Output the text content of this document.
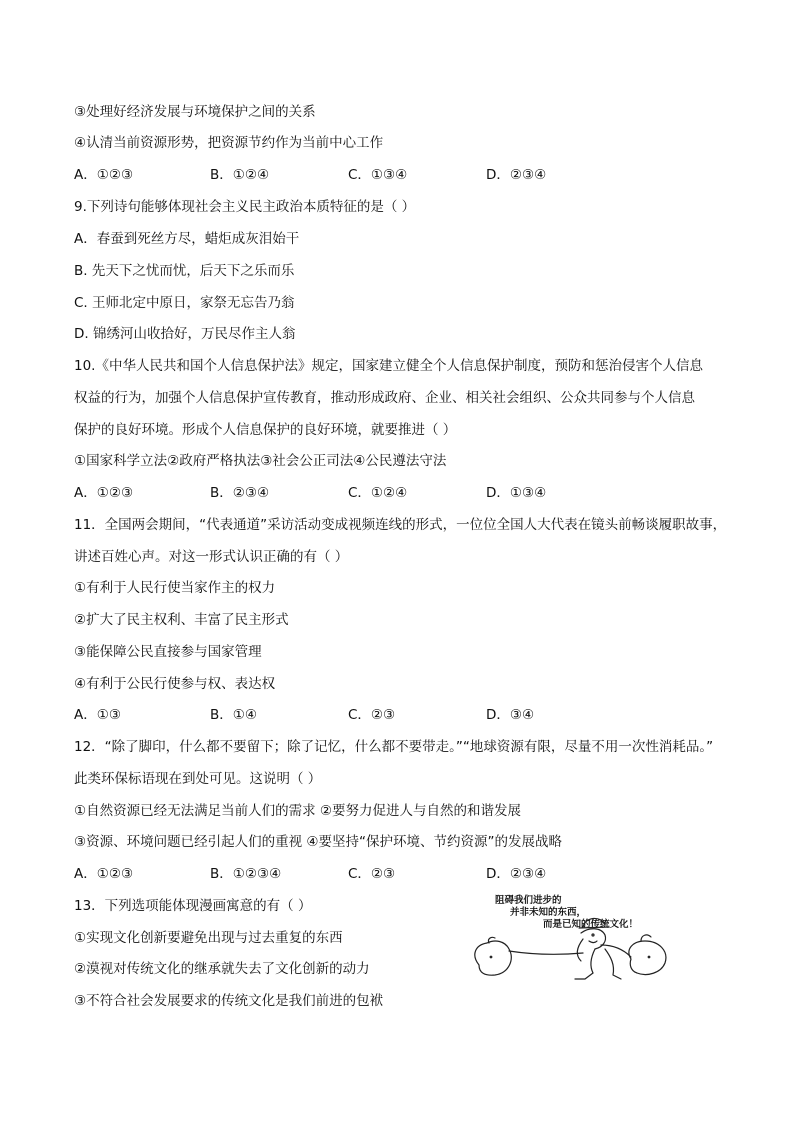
③处理好经济发展与环境保护之间的关系
④认清当前资源形势，把资源节约作为当前中心工作
A．①②③	B．①②④	C．①③④	D．②③④
9.下列诗句能够体现社会主义民主政治本质特征的是（ ）
A．春蚕到死丝方尽，蜡炬成灰泪始干
B. 先天下之忧而忧，后天下之乐而乐
C. 王师北定中原日，家祭无忘告乃翁
D. 锦绣河山收拾好，万民尽作主人翁
10.《中华人民共和国个人信息保护法》规定，国家建立健全个人信息保护制度，预防和惩治侵害个人信息
权益的行为，加强个人信息保护宣传教育，推动形成政府、企业、相关社会组织、公众共同参与个人信息
保护的良好环境。形成个人信息保护的良好环境，就要推进（ ）
①国家科学立法②政府严格执法③社会公正司法④公民遵法守法
A．①②③	B．②③④	C．①②④	D．①③④
11．全国两会期间，“代表通道”采访活动变成视频连线的形式，一位位全国人大代表在镜头前畅谈履职故事，
讲述百姓心声。对这一形式认识正确的有（ ）
①有利于人民行使当家作主的权力
②扩大了民主权利、丰富了民主形式
③能保障公民直接参与国家管理
④有利于公民行使参与权、表达权
A．①③	B．①④	C．②③	D．③④
12．“除了脚印，什么都不要留下；除了记忆，什么都不要带走。”“地球资源有限，尽量不用一次性消耗品。”
此类环保标语现在到处可见。这说明（ ）
①自然资源已经无法满足当前人们的需求 ②要努力促进人与自然的和谐发展
③资源、环境问题已经引起人们的重视 ④要坚持“保护环境、节约资源”的发展战略
A．①②③	B．①②③④	C．②③	D．②③④
13．下列选项能体现漫画寓意的有（ ）
①实现文化创新要避免出现与过去重复的东西
②漠视对传统文化的继承就失去了文化创新的动力
③不符合社会发展要求的传统文化是我们前进的包袱
阻碍我们进步的
并非未知的东西，
而是已知的传统文化！
